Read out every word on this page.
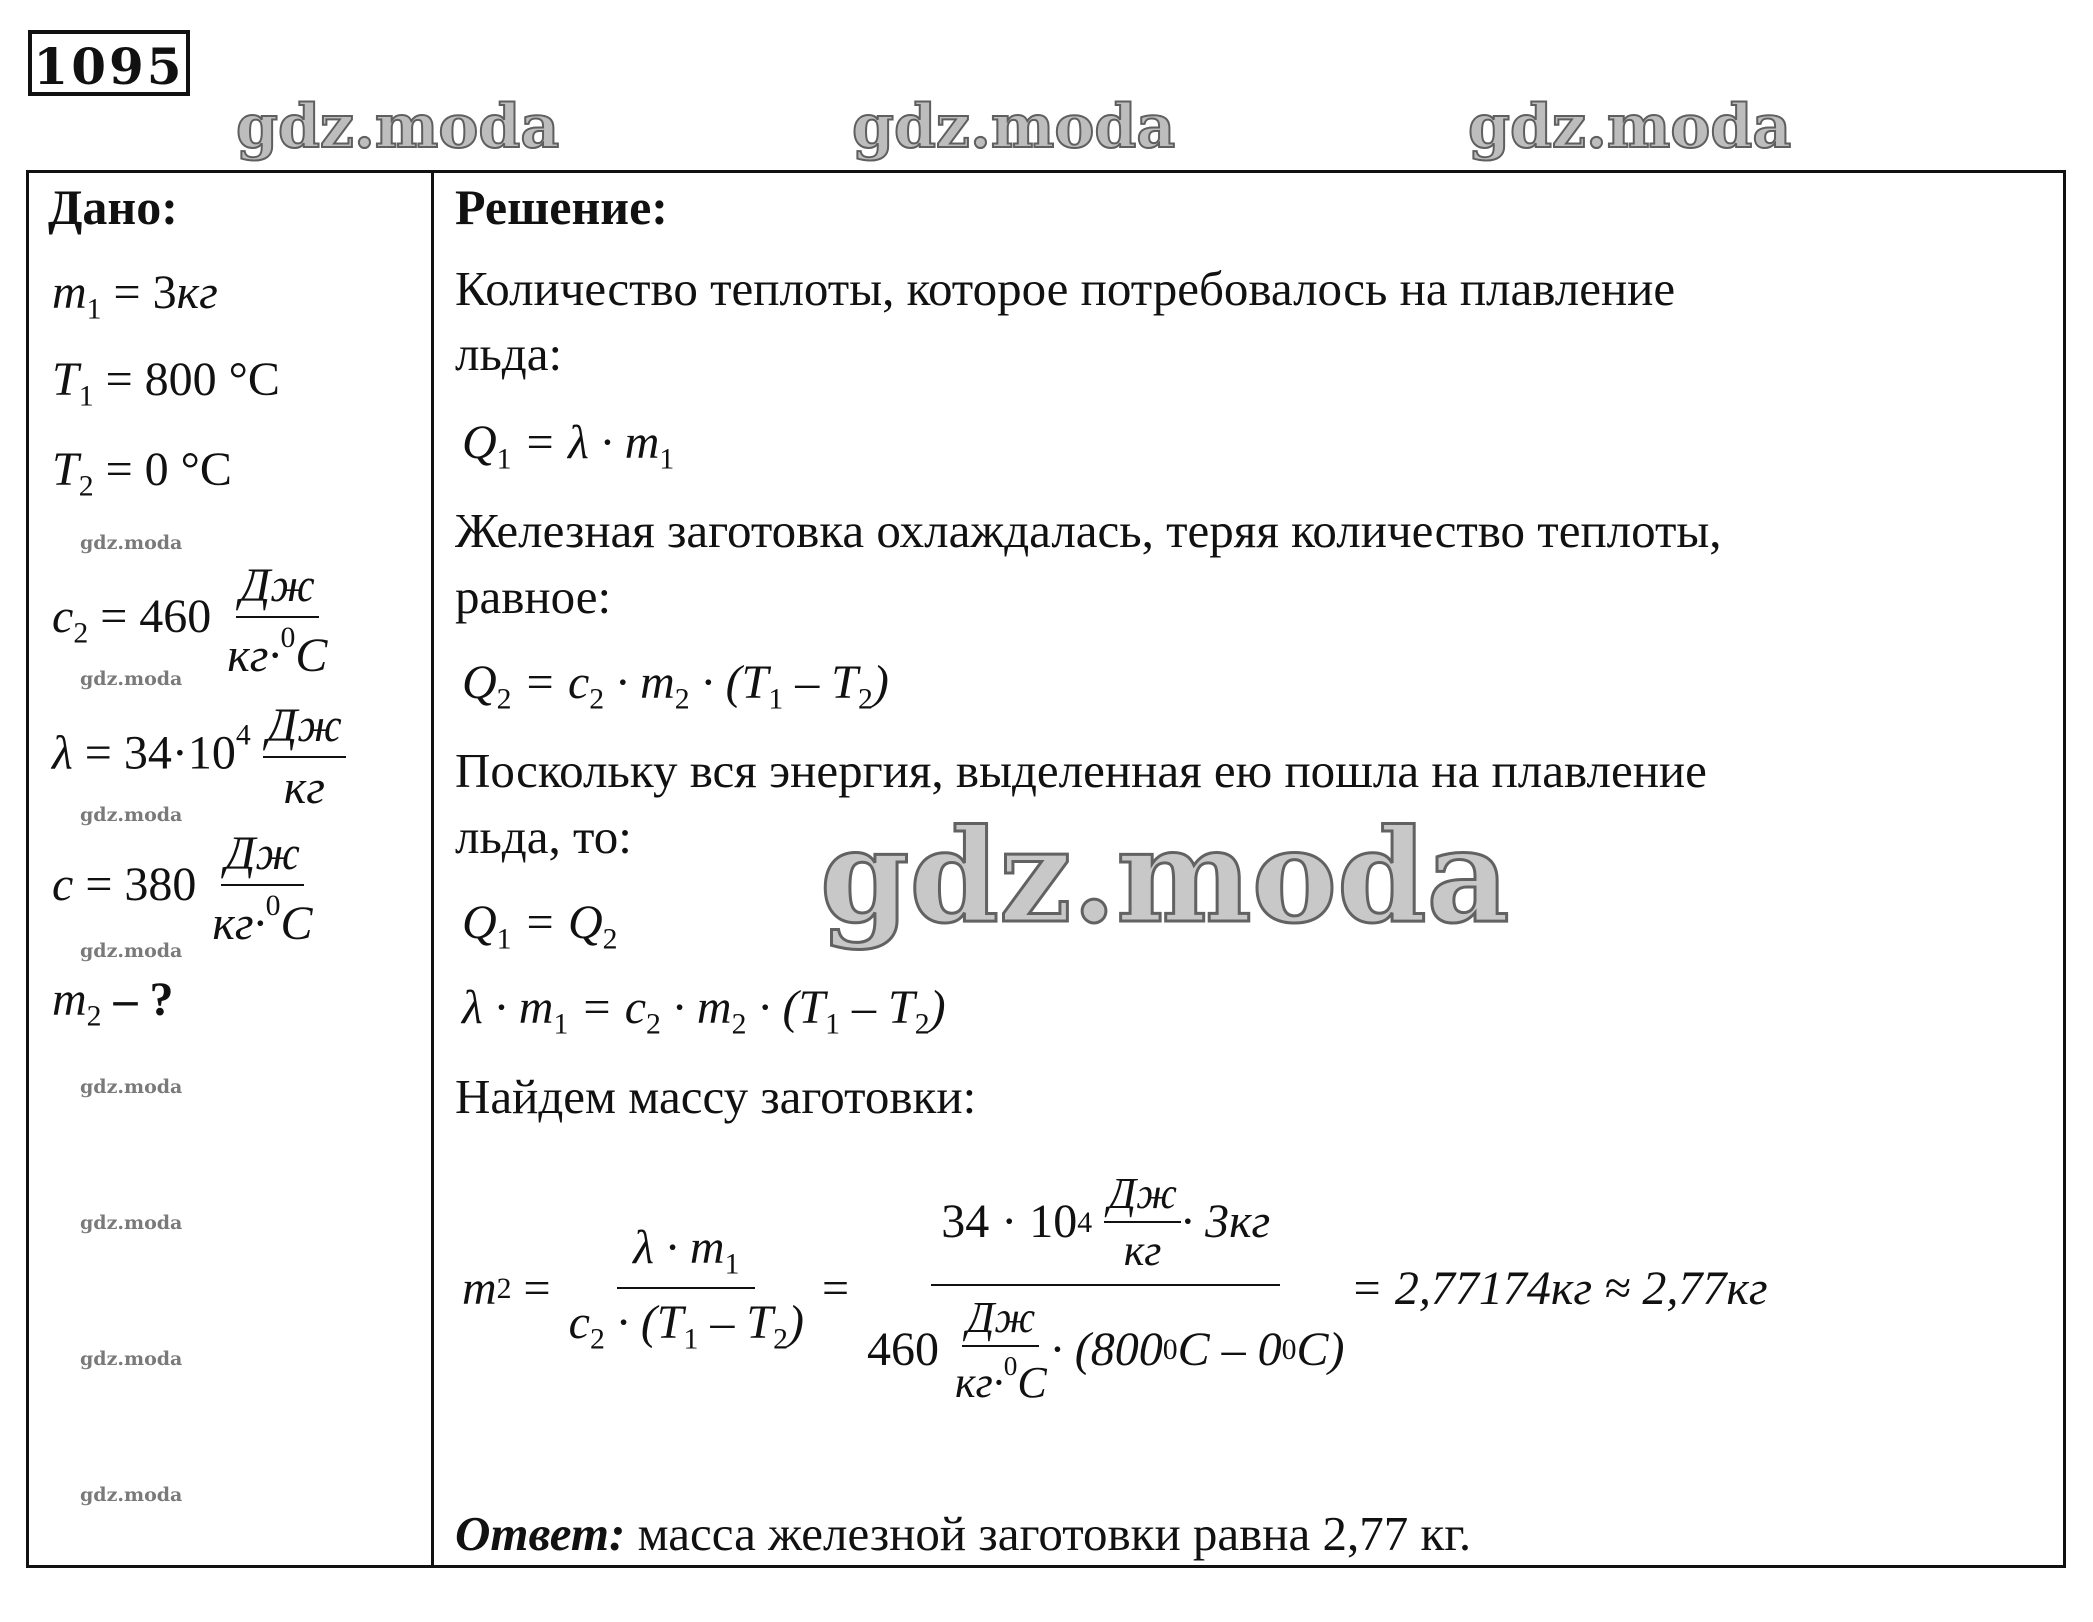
1095
gdz.moda	gdz.moda	gdz.moda
Дано:
$m_1 = 3кг$
$T_1 = 800$ °C
$T_2 = 0$ °C
gdz.moda
$c_2 = 460 \frac{Дж}{кг\cdot^0C}$
gdz.moda
$\lambda = 34\cdot 10^4 \frac{Дж}{кг}$
gdz.moda
$c = 380 \frac{Дж}{кг\cdot^0C}$
gdz.moda
$m_2$ – ?
gdz.moda
gdz.moda
gdz.moda
gdz.moda
Решение:
Количество теплоты, которое потребовалось на плавление
льда:
$Q_1 = \lambda \cdot m_1$
Железная заготовка охлаждалась, теряя количество теплоты,
равное:
$Q_2 = c_2 \cdot m_2 \cdot (T_1 - T_2)$
Поскольку вся энергия, выделенная ею пошла на плавление
льда, то:
$Q_1 = Q_2$
$\lambda \cdot m_1 = c_2 \cdot m_2 \cdot (T_1 - T_2)$
Найдем массу заготовки:
m $2 = \frac{\lambda \cdot m_1}{c_2 \cdot (T_1 - T_2)} = 34 \cdot 10$ 4
$\frac{Дж}{кг} \cdot 3кг$
460
$\frac{Дж}{кг\cdot^0C} \cdot (800$ 0 C – 0 0 C) = 2,77174кг ≈ 2,77кг
Ответ: масса железной заготовки равна 2,77 кг.
gdz.moda
